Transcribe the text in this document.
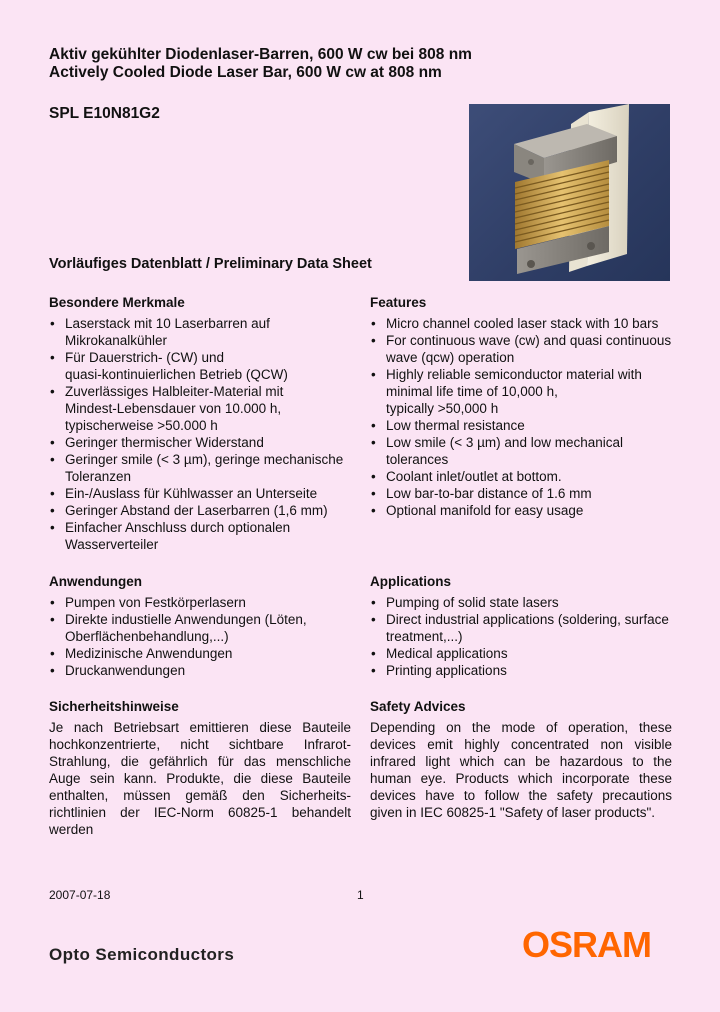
Aktiv gekühlter Diodenlaser-Barren, 600 W cw bei 808 nm
Actively Cooled Diode Laser Bar, 600 W cw at 808 nm
SPL E10N81G2
Vorläufiges Datenblatt / Preliminary Data Sheet
Besondere Merkmale
• Laserstack mit 10 Laserbarren auf
Mikrokanalkühler
• Für Dauerstrich- (CW) und
quasi-kontinuierlichen Betrieb (QCW)
• Zuverlässiges Halbleiter-Material mit
Mindest-Lebensdauer von 10.000 h,
typischerweise >50.000 h
• Geringer thermischer Widerstand
• Geringer smile (< 3 µm), geringe mechanische
Toleranzen
• Ein-/Auslass für Kühlwasser an Unterseite
• Geringer Abstand der Laserbarren (1,6 mm)
• Einfacher Anschluss durch optionalen
Wasserverteiler
Features
• Micro channel cooled laser stack with 10 bars
• For continuous wave (cw) and quasi continuous
wave (qcw) operation
• Highly reliable semiconductor material with
minimal life time of 10,000 h,
typically >50,000 h
• Low thermal resistance
• Low smile (< 3 µm) and low mechanical
tolerances
• Coolant inlet/outlet at bottom.
• Low bar-to-bar distance of 1.6 mm
• Optional manifold for easy usage
Anwendungen
• Pumpen von Festkörperlasern
• Direkte industielle Anwendungen (Löten,
Oberflächenbehandlung,...)
• Medizinische Anwendungen
• Druckanwendungen
Applications
• Pumping of solid state lasers
• Direct industrial applications (soldering, surface
treatment,...)
• Medical applications
• Printing applications
Sicherheitshinweise
Je nach Betriebsart emittieren diese Bauteile hochkonzentrierte, nicht sichtbare Infrarot-Strahlung, die gefährlich für das menschliche Auge sein kann. Produkte, die diese Bauteile enthalten, müssen gemäß den Sicherheits-richtlinien der IEC-Norm 60825-1 behandelt werden
Safety Advices
Depending on the mode of operation, these devices emit highly concentrated non visible infrared light which can be hazardous to the human eye. Products which incorporate these devices have to follow the safety precautions given in IEC 60825-1 "Safety of laser products".
2007-07-18	1
Opto Semiconductors	OSRAM
